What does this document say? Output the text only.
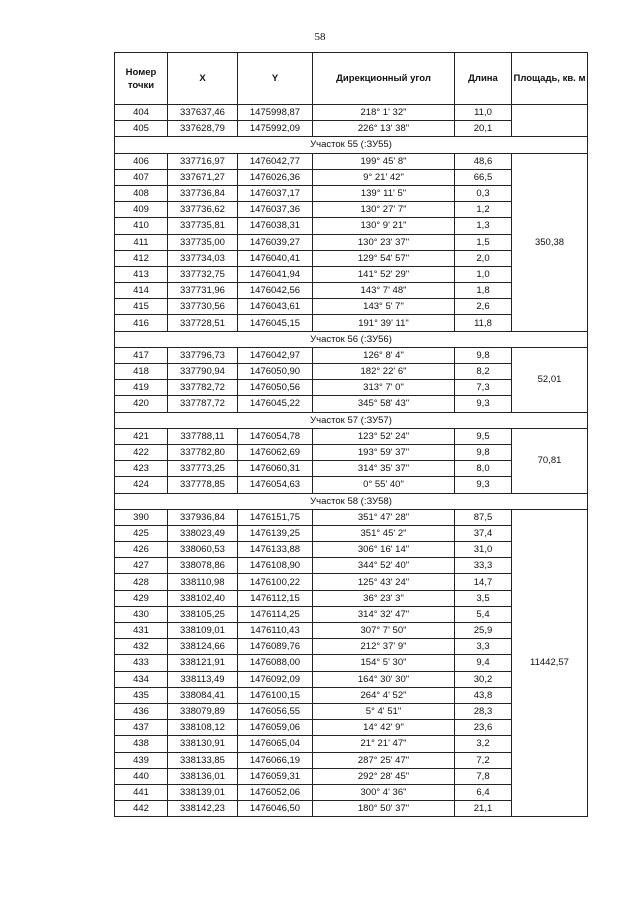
58
Номер точки	X	Y	Дирекционный угол	Длина	Площадь, кв. м
404	337637,46	1475998,87	218° 1' 32"	11,0	
405	337628,79	1475992,09	226° 13' 38"	20,1	
Участок 55 (:ЗУ55)					
406	337716,97	1476042,77	199° 45' 8"	48,6	350,38
407	337671,27	1476026,36	9° 21' 42"	66,5	
408	337736,84	1476037,17	139° 11' 5"	0,3	
409	337736,62	1476037,36	130° 27' 7"	1,2	
410	337735,81	1476038,31	130° 9' 21"	1,3	
411	337735,00	1476039,27	130° 23' 37"	1,5	
412	337734,03	1476040,41	129° 54' 57"	2,0	
413	337732,75	1476041,94	141° 52' 29"	1,0	
414	337731,96	1476042,56	143° 7' 48"	1,8	
415	337730,56	1476043,61	143° 5' 7"	2,6	
416	337728,51	1476045,15	191° 39' 11"	11,8	
Участок 56 (:ЗУ56)					
417	337796,73	1476042,97	126° 8' 4"	9,8	52,01
418	337790,94	1476050,90	182° 22' 6"	8,2	
419	337782,72	1476050,56	313° 7' 0"	7,3	
420	337787,72	1476045,22	345° 58' 43"	9,3	
Участок 57 (:ЗУ57)					
421	337788,11	1476054,78	123° 52' 24"	9,5	70,81
422	337782,80	1476062,69	193° 59' 37"	9,8	
423	337773,25	1476060,31	314° 35' 37"	8,0	
424	337778,85	1476054,63	0° 55' 40"	9,3	
Участок 58 (:ЗУ58)					
390	337936,84	1476151,75	351° 47' 28"	87,5	11442,57
425	338023,49	1476139,25	351° 45' 2"	37,4	
426	338060,53	1476133,88	306° 16' 14"	31,0	
427	338078,86	1476108,90	344° 52' 40"	33,3	
428	338110,98	1476100,22	125° 43' 24"	14,7	
429	338102,40	1476112,15	36° 23' 3"	3,5	
430	338105,25	1476114,25	314° 32' 47"	5,4	
431	338109,01	1476110,43	307° 7' 50"	25,9	
432	338124,66	1476089,76	212° 37' 9"	3,3	
433	338121,91	1476088,00	154° 5' 30"	9,4	
434	338113,49	1476092,09	164° 30' 30"	30,2	
435	338084,41	1476100,15	264° 4' 52"	43,8	
436	338079,89	1476056,55	5° 4' 51"	28,3	
437	338108,12	1476059,06	14° 42' 9"	23,6	
438	338130,91	1476065,04	21° 21' 47"	3,2	
439	338133,85	1476066,19	287° 25' 47"	7,2	
440	338136,01	1476059,31	292° 28' 45"	7,8	
441	338139,01	1476052,06	300° 4' 36"	6,4	
442	338142,23	1476046,50	180° 50' 37"	21,1	
